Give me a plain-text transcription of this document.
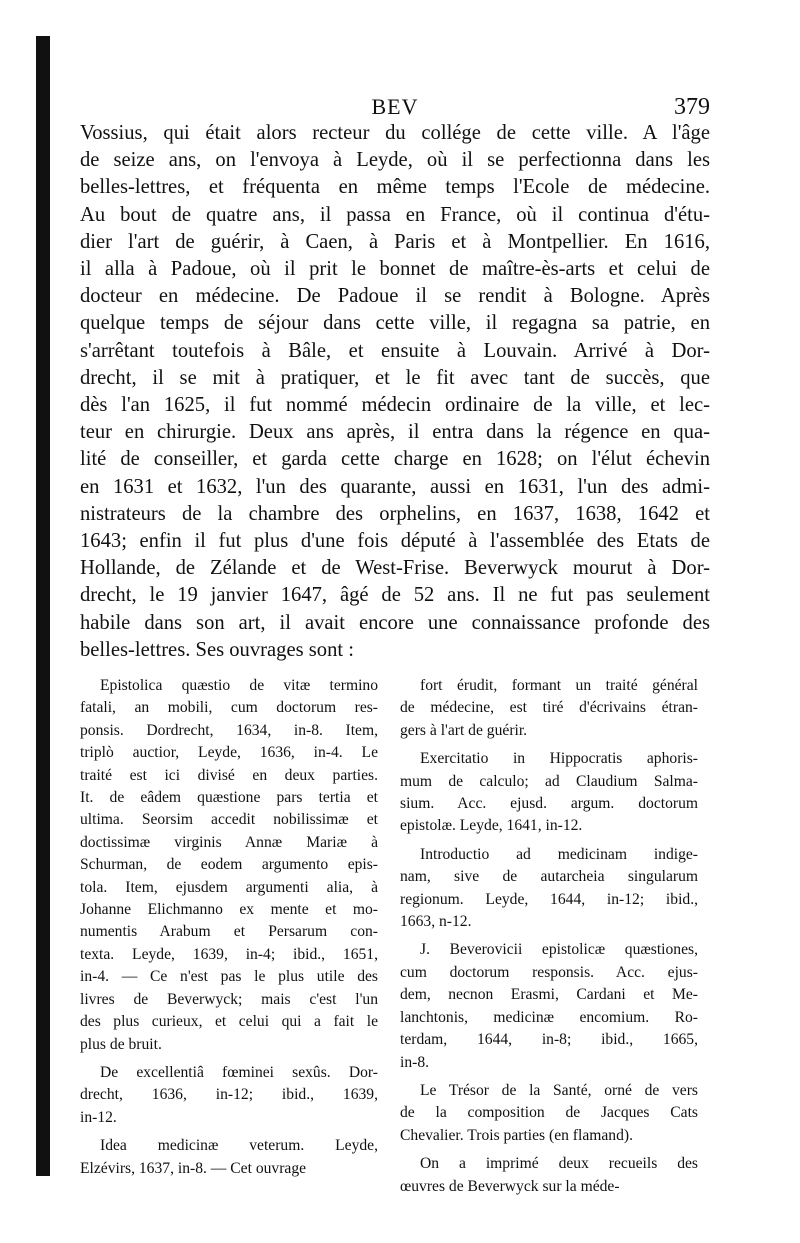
BEV	379
Vossius, qui était alors recteur du collége de cette ville. A l'âge
de seize ans, on l'envoya à Leyde, où il se perfectionna dans les
belles-lettres, et fréquenta en même temps l'Ecole de médecine.
Au bout de quatre ans, il passa en France, où il continua d'étu-
dier l'art de guérir, à Caen, à Paris et à Montpellier. En 1616,
il alla à Padoue, où il prit le bonnet de maître-ès-arts et celui de
docteur en médecine. De Padoue il se rendit à Bologne. Après
quelque temps de séjour dans cette ville, il regagna sa patrie, en
s'arrêtant toutefois à Bâle, et ensuite à Louvain. Arrivé à Dor-
drecht, il se mit à pratiquer, et le fit avec tant de succès, que
dès l'an 1625, il fut nommé médecin ordinaire de la ville, et lec-
teur en chirurgie. Deux ans après, il entra dans la régence en qua-
lité de conseiller, et garda cette charge en 1628; on l'élut échevin
en 1631 et 1632, l'un des quarante, aussi en 1631, l'un des admi-
nistrateurs de la chambre des orphelins, en 1637, 1638, 1642 et
1643; enfin il fut plus d'une fois député à l'assemblée des Etats de
Hollande, de Zélande et de West-Frise. Beverwyck mourut à Dor-
drecht, le 19 janvier 1647, âgé de 52 ans. Il ne fut pas seulement
habile dans son art, il avait encore une connaissance profonde des
belles-lettres. Ses ouvrages sont :

Epistolica quæstio de vitæ termino
fatali, an mobili, cum doctorum res-
ponsis. Dordrecht, 1634, in-8. Item,
triplò auctior, Leyde, 1636, in-4. Le
traité est ici divisé en deux parties.
It. de eâdem quæstione pars tertia et
ultima. Seorsim accedit nobilissimæ et
doctissimæ virginis Annæ Mariæ à
Schurman, de eodem argumento epis-
tola. Item, ejusdem argumenti alia, à
Johanne Elichmanno ex mente et mo-
numentis Arabum et Persarum con-
texta. Leyde, 1639, in-4; ibid., 1651,
in-4. — Ce n'est pas le plus utile des
livres de Beverwyck; mais c'est l'un
des plus curieux, et celui qui a fait le
plus de bruit.

De excellentiâ fœminei sexûs. Dor-
drecht, 1636, in-12; ibid., 1639,
in-12.

Idea medicinæ veterum. Leyde,
Elzévirs, 1637, in-8. — Cet ouvrage

fort érudit, formant un traité général
de médecine, est tiré d'écrivains étran-
gers à l'art de guérir.

Exercitatio in Hippocratis aphoris-
mum de calculo; ad Claudium Salma-
sium. Acc. ejusd. argum. doctorum
epistolæ. Leyde, 1641, in-12.

Introductio ad medicinam indige-
nam, sive de autarcheia singularum
regionum. Leyde, 1644, in-12; ibid.,
1663, n-12.

J. Beverovicii epistolicæ quæstiones,
cum doctorum responsis. Acc. ejus-
dem, necnon Erasmi, Cardani et Me-
lanchtonis, medicinæ encomium. Ro-
terdam, 1644, in-8; ibid., 1665,
in-8.

Le Trésor de la Santé, orné de vers
de la composition de Jacques Cats
Chevalier. Trois parties (en flamand).

On a imprimé deux recueils des
œuvres de Beverwyck sur la méde-
